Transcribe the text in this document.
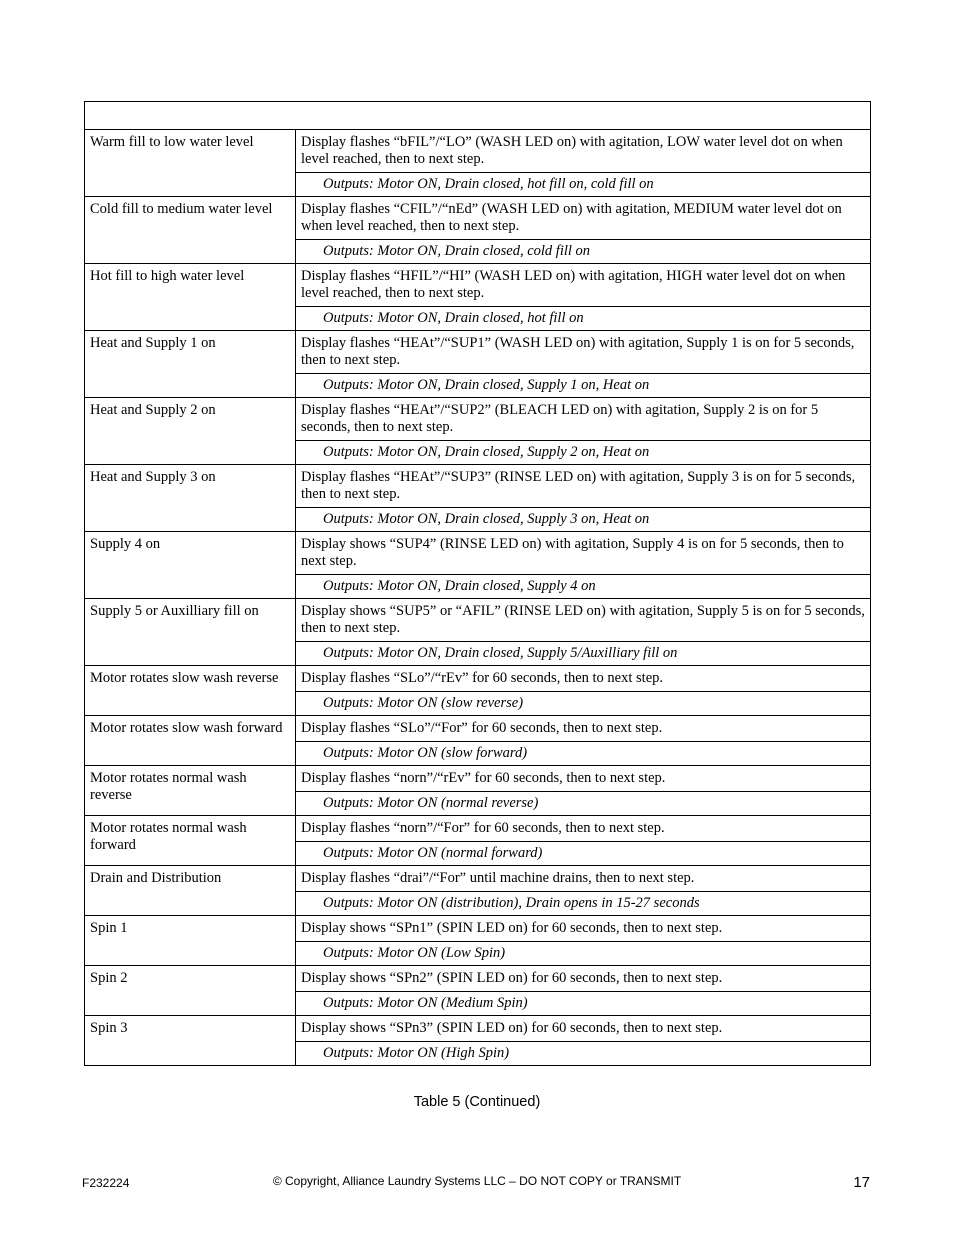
Warm fill to low water level	Display flashes “bFIL”/“LO” (WASH LED on) with agitation, LOW water level dot on when level reached, then to next step.
	Outputs: Motor ON, Drain closed, hot fill on, cold fill on
Cold fill to medium water level	Display flashes “CFIL”/“nEd” (WASH LED on) with agitation, MEDIUM water level dot on when level reached, then to next step.
	Outputs: Motor ON, Drain closed, cold fill on
Hot fill to high water level	Display flashes “HFIL”/“HI” (WASH LED on) with agitation, HIGH water level dot on when level reached, then to next step.
	Outputs: Motor ON, Drain closed, hot fill on
Heat and Supply 1 on	Display flashes “HEAt”/“SUP1” (WASH LED on) with agitation, Supply 1 is on for 5 seconds, then to next step.
	Outputs: Motor ON, Drain closed, Supply 1 on, Heat on
Heat and Supply 2 on	Display flashes “HEAt”/“SUP2” (BLEACH LED on) with agitation, Supply 2 is on for 5 seconds, then to next step.
	Outputs: Motor ON, Drain closed, Supply 2 on, Heat on
Heat and Supply 3 on	Display flashes “HEAt”/“SUP3” (RINSE LED on) with agitation, Supply 3 is on for 5 seconds, then to next step.
	Outputs: Motor ON, Drain closed, Supply 3 on, Heat on
Supply 4 on	Display shows “SUP4” (RINSE LED on) with agitation, Supply 4 is on for 5 seconds, then to next step.
	Outputs: Motor ON, Drain closed, Supply 4 on
Supply 5 or Auxilliary fill on	Display shows “SUP5” or “AFIL” (RINSE LED on) with agitation, Supply 5 is on for 5 seconds, then to next step.
	Outputs: Motor ON, Drain closed, Supply 5/Auxilliary fill on
Motor rotates slow wash reverse	Display flashes “SLo”/“rEv” for 60 seconds, then to next step.
	Outputs: Motor ON (slow reverse)
Motor rotates slow wash forward	Display flashes “SLo”/“For” for 60 seconds, then to next step.
	Outputs: Motor ON (slow forward)
Motor rotates normal wash reverse	Display flashes “norn”/“rEv” for 60 seconds, then to next step.
	Outputs: Motor ON (normal reverse)
Motor rotates normal wash forward	Display flashes “norn”/“For” for 60 seconds, then to next step.
	Outputs: Motor ON (normal forward)
Drain and Distribution	Display flashes “drai”/“For” until machine drains, then to next step.
	Outputs: Motor ON (distribution), Drain opens in 15-27 seconds
Spin 1	Display shows “SPn1” (SPIN LED on) for 60 seconds, then to next step.
	Outputs: Motor ON (Low Spin)
Spin 2	Display shows “SPn2” (SPIN LED on) for 60 seconds, then to next step.
	Outputs: Motor ON (Medium Spin)
Spin 3	Display shows “SPn3” (SPIN LED on) for 60 seconds, then to next step.
	Outputs: Motor ON (High Spin)
Table 5 (Continued)
F232224	© Copyright, Alliance Laundry Systems LLC – DO NOT COPY or TRANSMIT	17
